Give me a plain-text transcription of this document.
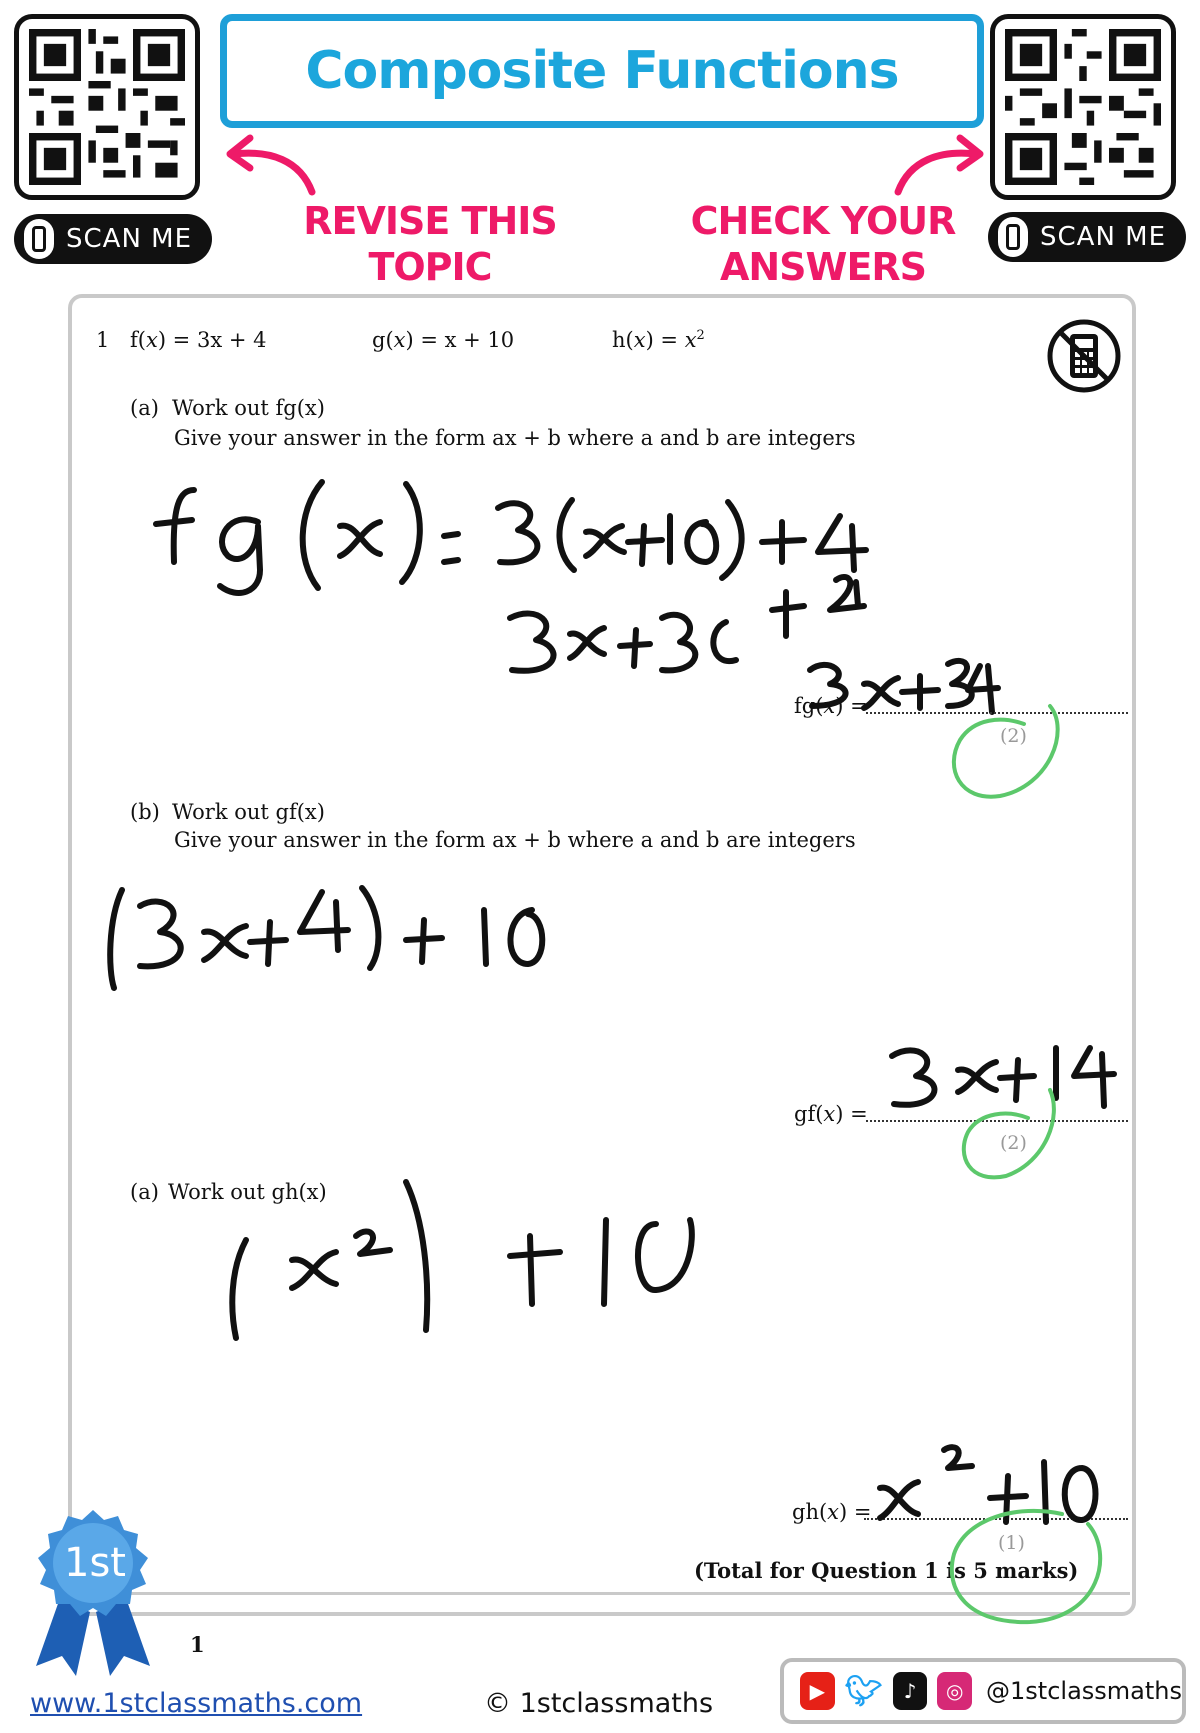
SCAN ME	SCAN ME
Composite Functions
REVISE THIS
TOPIC
CHECK YOUR
ANSWERS
1 f(x) = 3x + 4	g(x) = x + 10	$h(x) = x^2$
(a) Work out fg(x)
Give your answer in the form ax + b where a and b are integers
fg(x) =
(2)
(b) Work out gf(x)
Give your answer in the form ax + b where a and b are integers
gf(x) =
(2)
(a) Work out gh(x)
gh(x) =
(1)
(Total for Question 1 is 5 marks)
1st
1
www.1stclassmaths.com	© 1stclassmaths	▶ 🐦︎	♪	◎ @1stclassmaths
